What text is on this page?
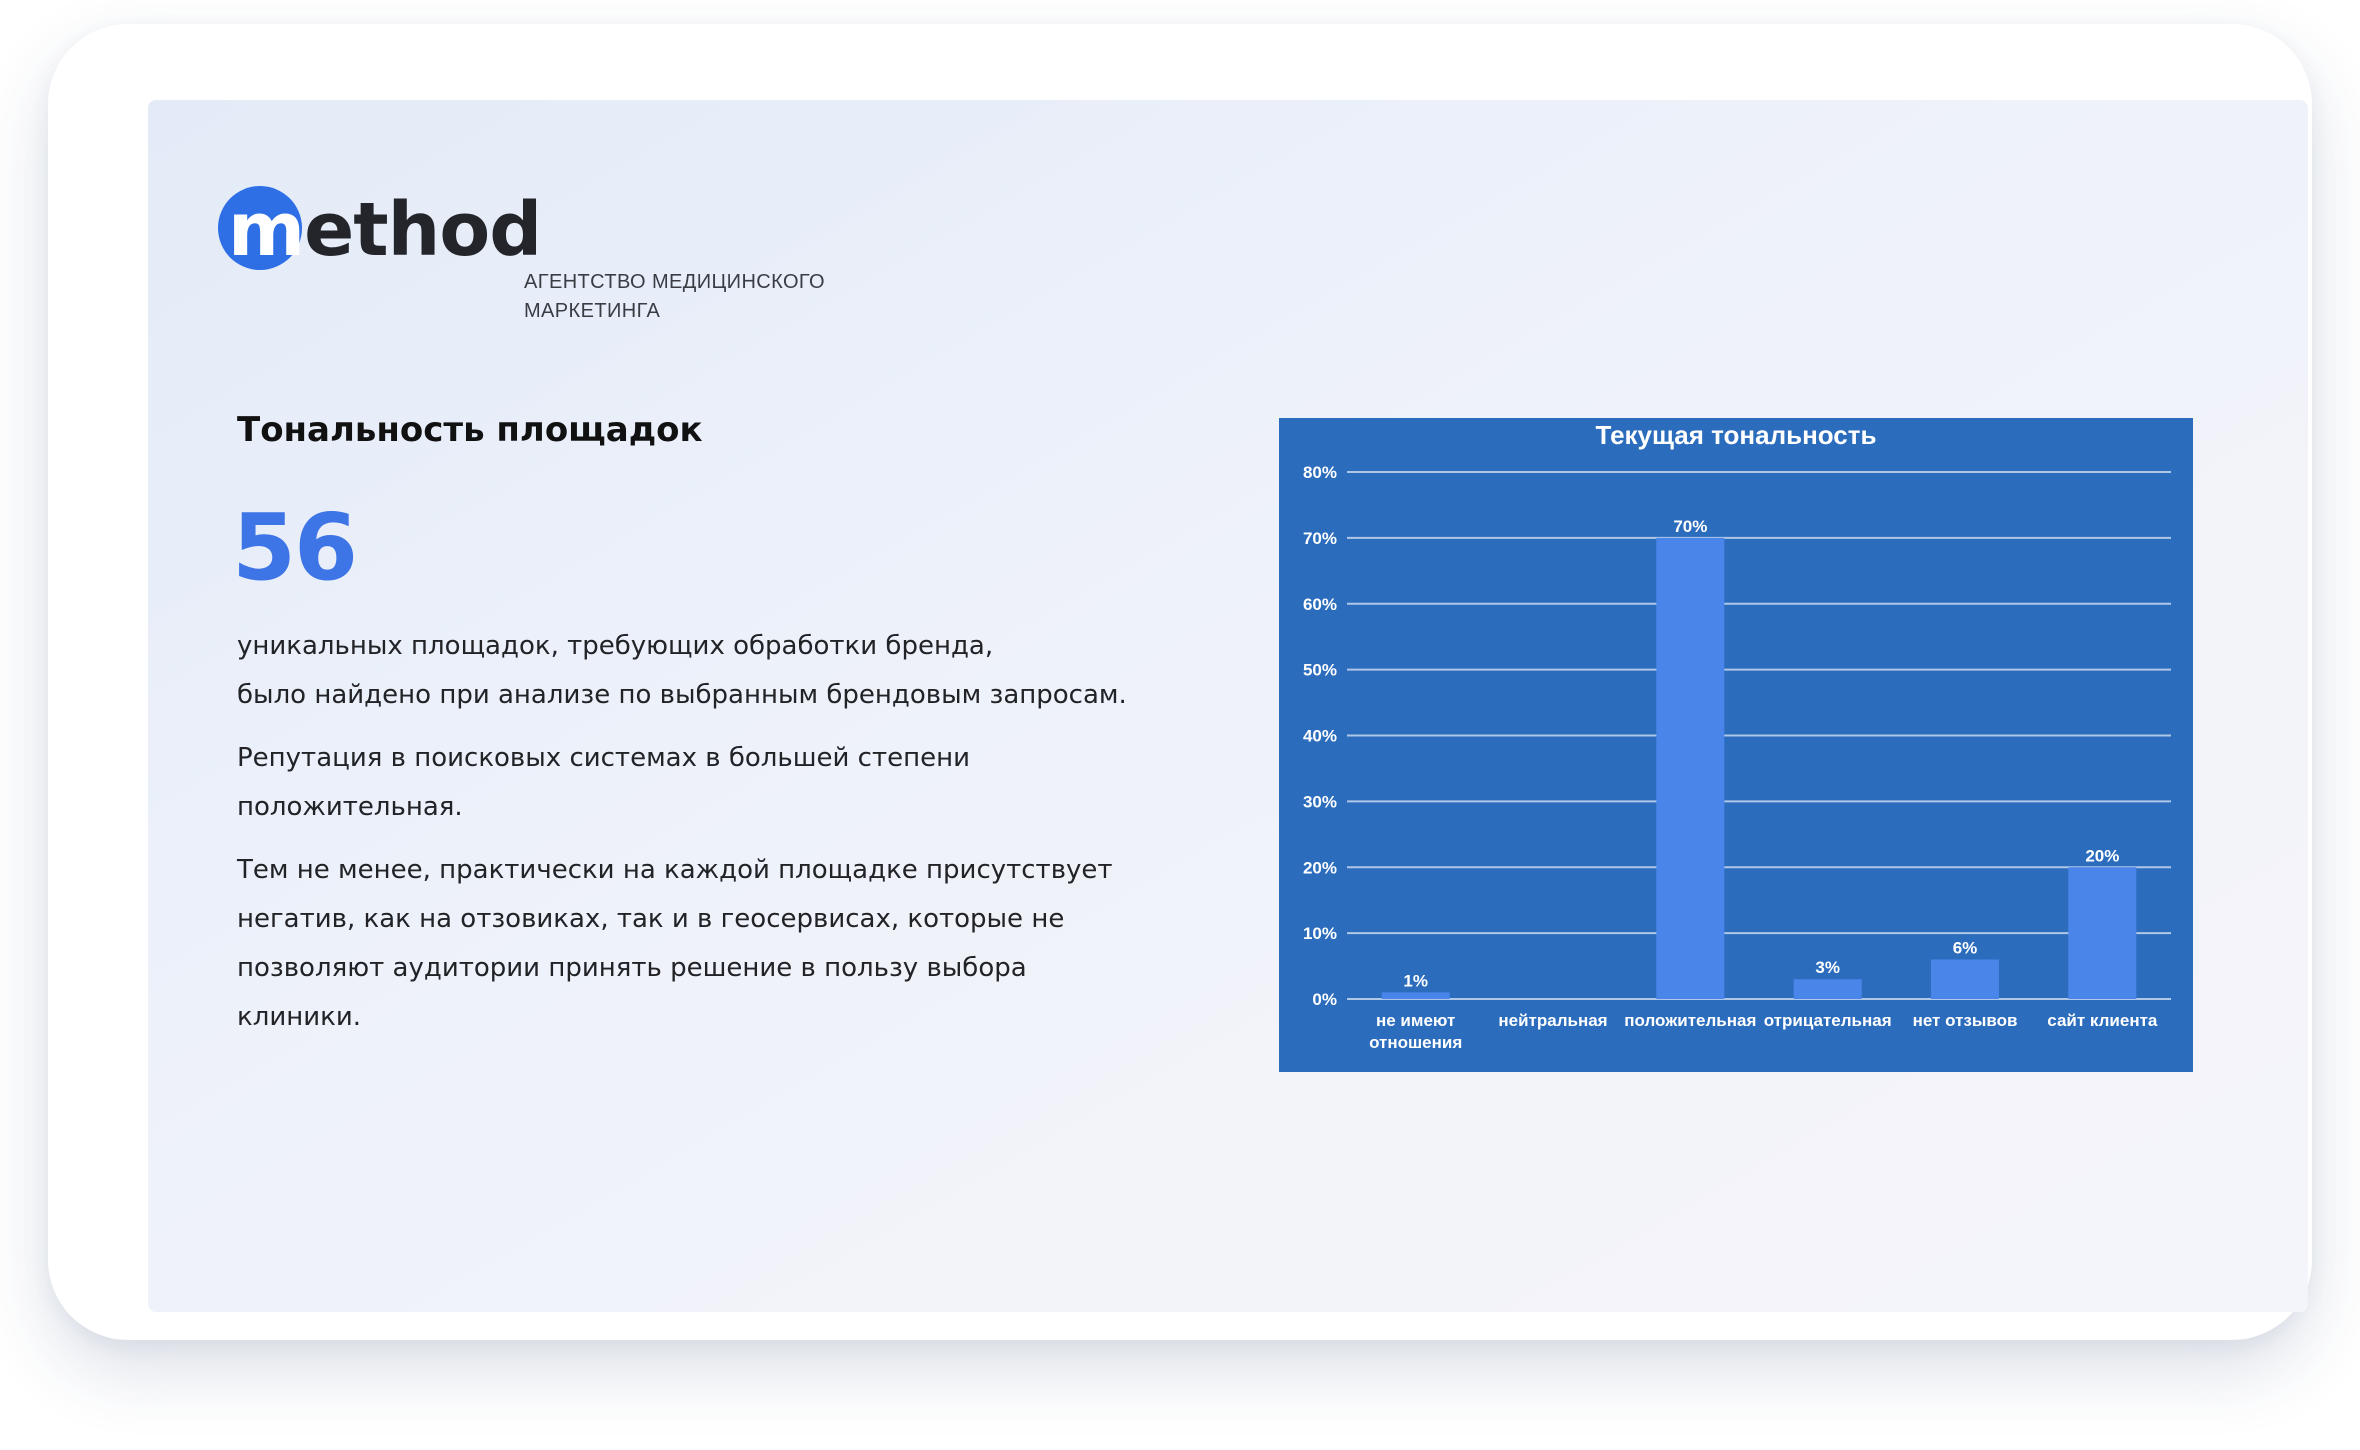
method
АГЕНТСТВО МЕДИЦИНСКОГО
МАРКЕТИНГА
Тональность площадок
56
уникальных площадок, требующих обработки бренда,
было найдено при анализе по выбранным брендовым запросам.
Репутация в поисковых системах в большей степени
положительная.
Тем не менее, практически на каждой площадке присутствует
негатив, как на отзовиках, так и в геосервисах, которые не
позволяют аудитории принять решение в пользу выбора
клиники.
Текущая тональность
0%
10%
20%
30%
40%
50%
60%
70%
80%
1%
не имеют
отношения
нейтральная
70%
положительная
3%
отрицательная
6%
нет отзывов
20%
сайт клиента
